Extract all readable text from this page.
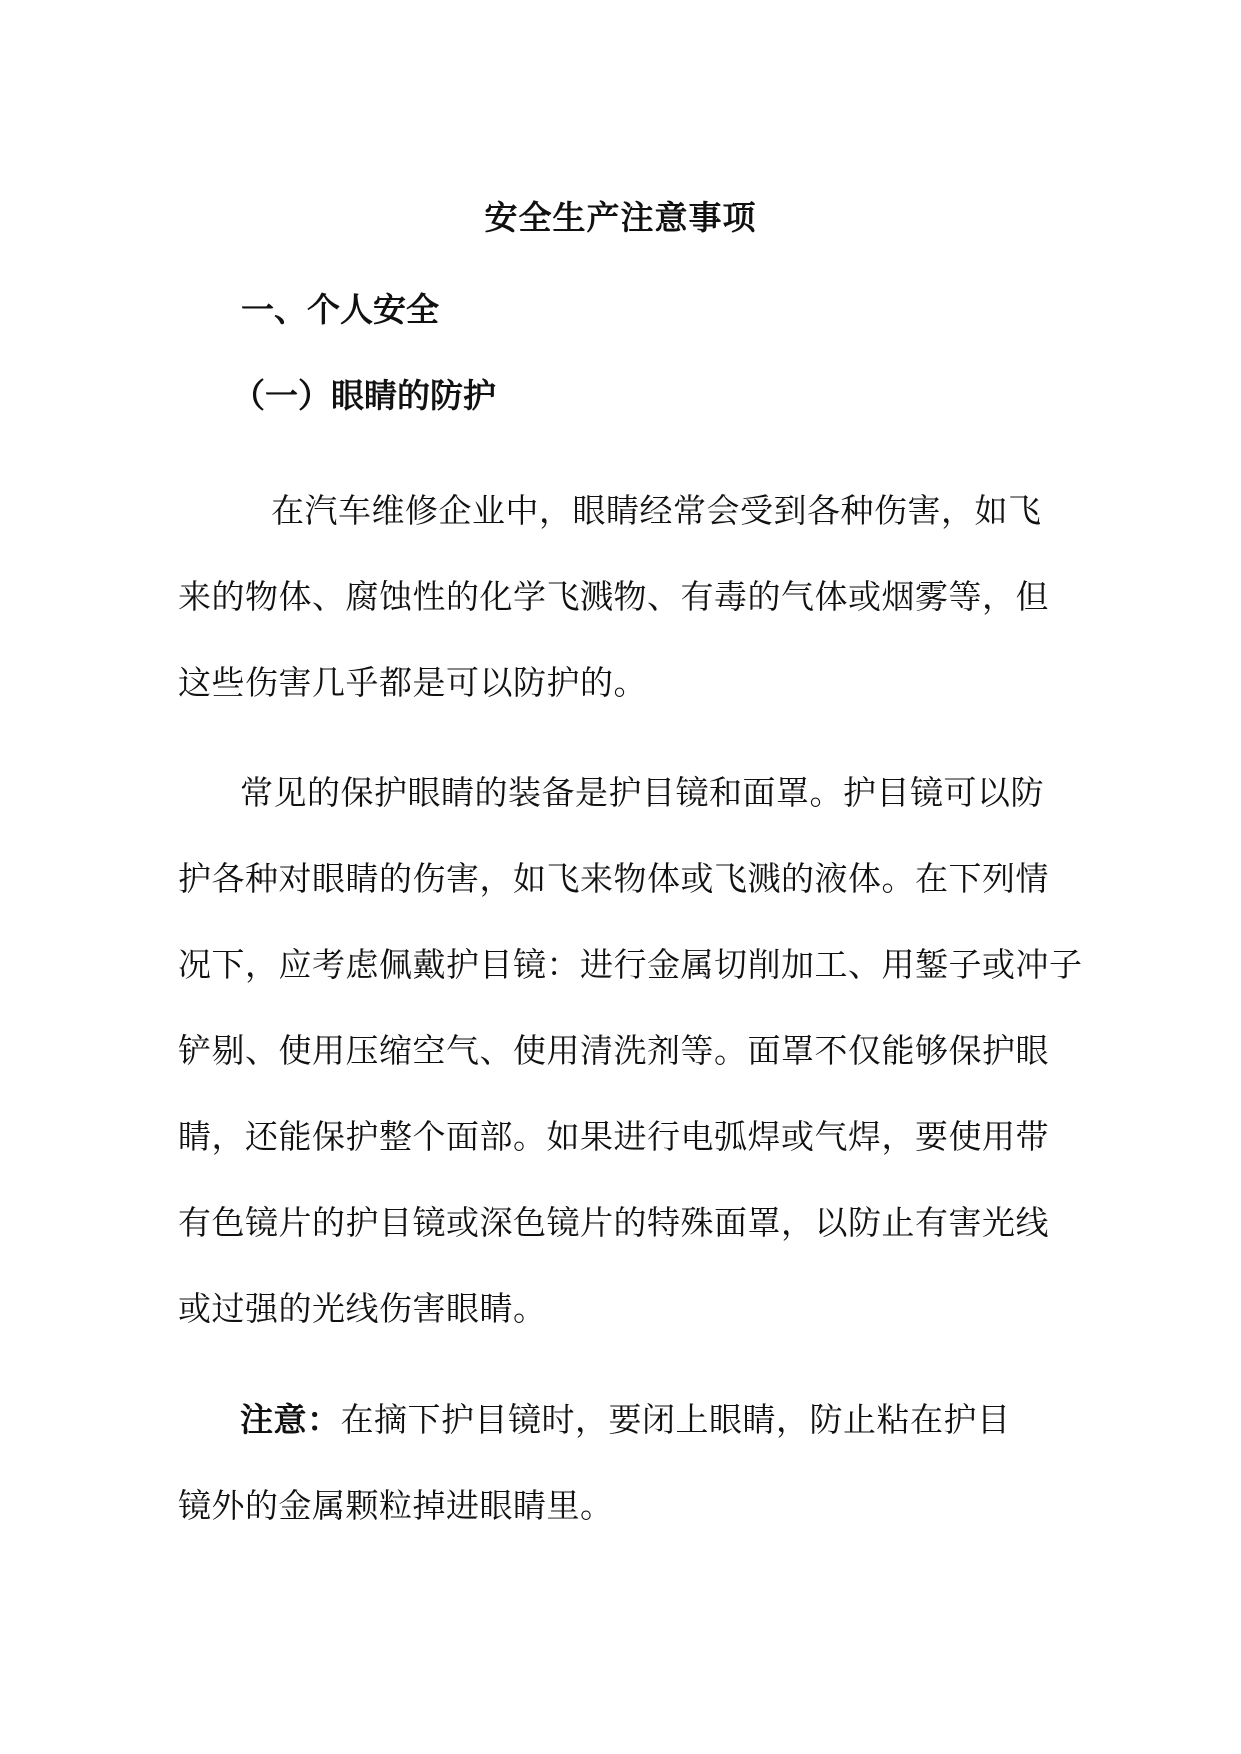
安全生产注意事项
一、个人安全
（一）眼睛的防护

在汽车维修企业中，眼睛经常会受到各种伤害，如飞
来的物体、腐蚀性的化学飞溅物、有毒的气体或烟雾等，但
这些伤害几乎都是可以防护的。

常见的保护眼睛的装备是护目镜和面罩。护目镜可以防
护各种对眼睛的伤害，如飞来物体或飞溅的液体。在下列情
况下，应考虑佩戴护目镜：进行金属切削加工、用錾子或冲子
铲剔、使用压缩空气、使用清洗剂等。面罩不仅能够保护眼
睛，还能保护整个面部。如果进行电弧焊或气焊，要使用带
有色镜片的护目镜或深色镜片的特殊面罩，以防止有害光线
或过强的光线伤害眼睛。

注意：在摘下护目镜时，要闭上眼睛，防止粘在护目
镜外的金属颗粒掉进眼睛里。
